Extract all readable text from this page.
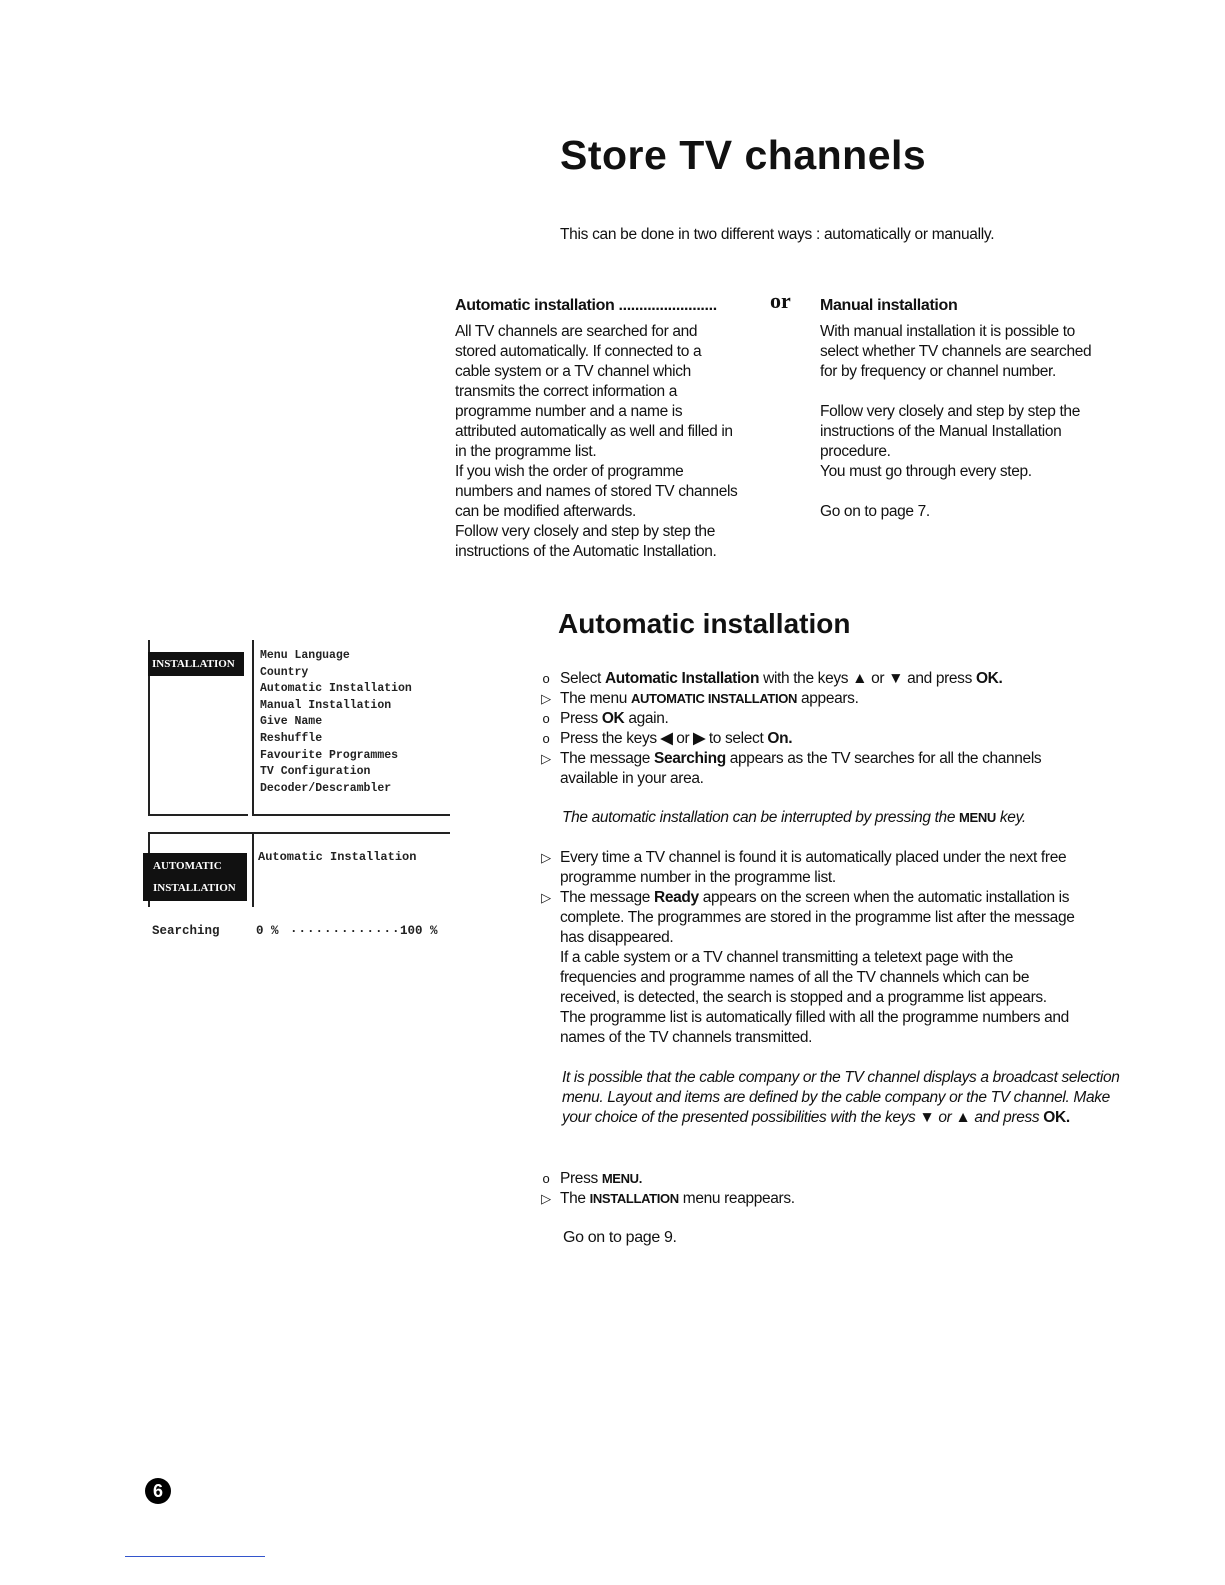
Store TV channels
This can be done in two different ways : automatically or manually.
Automatic installation ........................
All TV channels are searched for and
stored automatically. If connected to a
cable system or a TV channel which
transmits the correct information a
programme number and a name is
attributed automatically as well and filled in
in the programme list.
If you wish the order of programme
numbers and names of stored TV channels
can be modified afterwards.
Follow very closely and step by step the
instructions of the Automatic Installation.
or Manual installation
With manual installation it is possible to
select whether TV channels are searched
for by frequency or channel number.
Follow very closely and step by step the
instructions of the Manual Installation
procedure.
You must go through every step.
Go on to page 7.
Automatic installation
o Select Automatic Installation with the keys ▲ or ▼ and press OK.
▷ The menu AUTOMATIC INSTALLATION appears.
o Press OK again.
o Press the keys ◀ or ▶ to select On.
▷ The message Searching appears as the TV searches for all the channels
available in your area.
The automatic installation can be interrupted by pressing the MENU key.
▷ Every time a TV channel is found it is automatically placed under the next free
programme number in the programme list.
▷ The message Ready appears on the screen when the automatic installation is
complete. The programmes are stored in the programme list after the message
has disappeared.
If a cable system or a TV channel transmitting a teletext page with the
frequencies and programme names of all the TV channels which can be
received, is detected, the search is stopped and a programme list appears.
The programme list is automatically filled with all the programme numbers and
names of the TV channels transmitted.
It is possible that the cable company or the TV channel displays a broadcast selection
menu. Layout and items are defined by the cable company or the TV channel. Make
your choice of the presented possibilities with the keys ▼ or ▲ and press OK.
o Press MENU.
▷ The INSTALLATION menu reappears.
Go on to page 9.
INSTALLATION
Menu Language
Country
Automatic Installation
Manual Installation
Give Name
Reshuffle
Favourite Programmes
TV Configuration
Decoder/Descrambler
AUTOMATIC
INSTALLATION
Automatic Installation
Searching	0 % ..............
100 %
6
